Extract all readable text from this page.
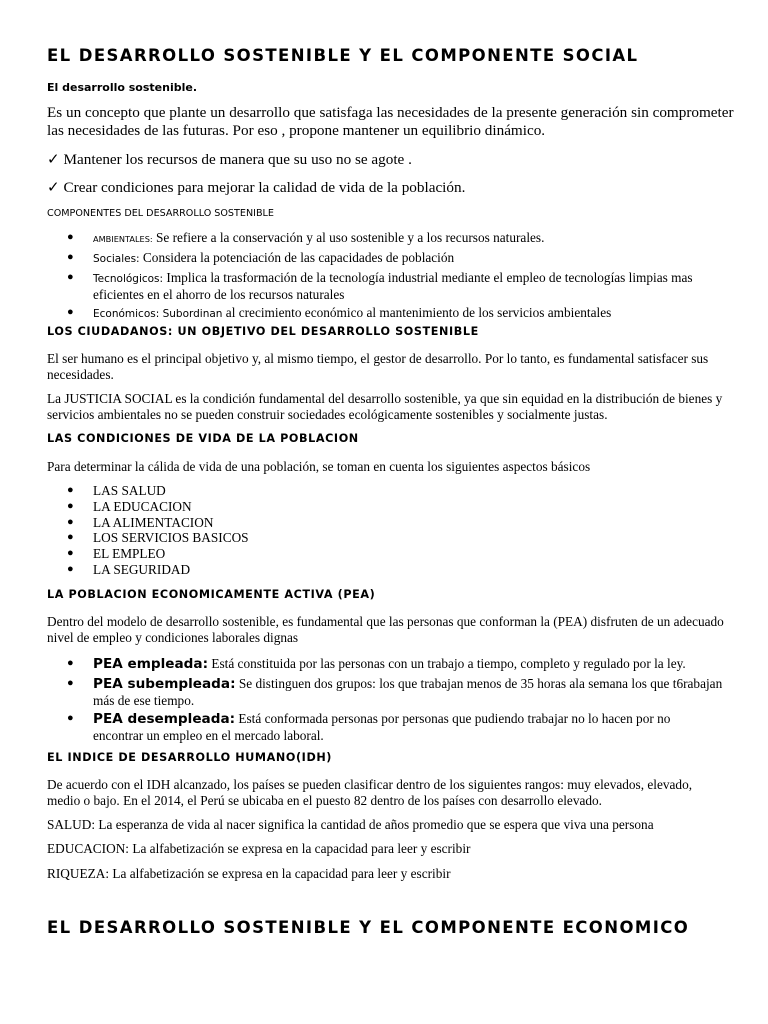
EL DESARROLLO SOSTENIBLE Y EL COMPONENTE SOCIAL
El desarrollo sostenible.
Es un concepto que plante un desarrollo que satisfaga las necesidades de la presente generación sin comprometer las necesidades de las futuras. Por eso , propone mantener un equilibrio dinámico.
✓ Mantener los recursos de manera que su uso no se agote .
✓ Crear condiciones para mejorar la calidad de vida de la población.
COMPONENTES DEL DESARROLLO SOSTENIBLE
● AMBIENTALES: Se refiere a la conservación y al uso sostenible y a los recursos naturales.
● Sociales: Considera la potenciación de las capacidades de población
● Tecnológicos: Implica la trasformación de la tecnología industrial mediante el empleo de tecnologías limpias mas eficientes en el ahorro de los recursos naturales
● Económicos: Subordinan al crecimiento económico al mantenimiento de los servicios ambientales
LOS CIUDADANOS: UN OBJETIVO DEL DESARROLLO SOSTENIBLE
El ser humano es el principal objetivo y, al mismo tiempo, el gestor de desarrollo. Por lo tanto, es fundamental satisfacer sus necesidades.
La JUSTICIA SOCIAL es la condición fundamental del desarrollo sostenible, ya que sin equidad en la distribución de bienes y servicios ambientales no se pueden construir sociedades ecológicamente sostenibles y socialmente justas.
LAS CONDICIONES DE VIDA DE LA POBLACION
Para determinar la cálida de vida de una población, se toman en cuenta los siguientes aspectos básicos
● LAS SALUD
● LA EDUCACION
● LA ALIMENTACION
● LOS SERVICIOS BASICOS
● EL EMPLEO
● LA SEGURIDAD
LA POBLACION ECONOMICAMENTE ACTIVA (PEA)
Dentro del modelo de desarrollo sostenible, es fundamental que las personas que conforman la (PEA) disfruten de un adecuado nivel de empleo y condiciones laborales dignas
● PEA empleada: Está constituida por las personas con un trabajo a tiempo, completo y regulado por la ley.
● PEA subempleada: Se distinguen dos grupos: los que trabajan menos de 35 horas ala semana los que t6rabajan más de ese tiempo.
● PEA desempleada: Está conformada personas por personas que pudiendo trabajar no lo hacen por no encontrar un empleo en el mercado laboral.
EL INDICE DE DESARROLLO HUMANO(IDH)
De acuerdo con el IDH alcanzado, los países se pueden clasificar dentro de los siguientes rangos: muy elevados, elevado, medio o bajo. En el 2014, el Perú se ubicaba en el puesto 82 dentro de los países con desarrollo elevado.
SALUD: La esperanza de vida al nacer significa la cantidad de años promedio que se espera que viva una persona
EDUCACION: La alfabetización se expresa en la capacidad para leer y escribir
RIQUEZA: La alfabetización se expresa en la capacidad para leer y escribir
EL DESARROLLO SOSTENIBLE Y EL COMPONENTE ECONOMICO
